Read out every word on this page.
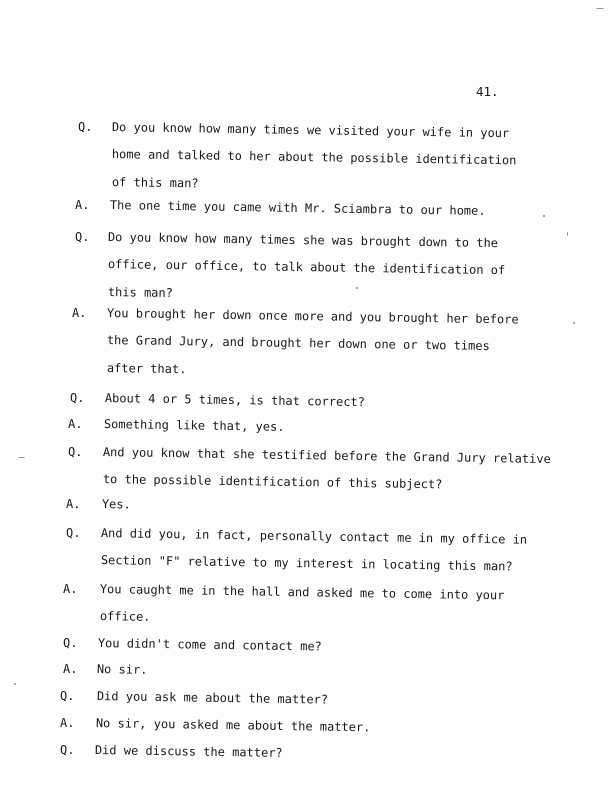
41.
Q. Do you know how many times we visited your wife in your
home and talked to her about the possible identification
of this man?
A. The one time you came with Mr. Sciambra to our home.
Q. Do you know how many times she was brought down to the
office, our office, to talk about the identification of
this man?
A. You brought her down once more and you brought her before
the Grand Jury, and brought her down one or two times
after that.
Q. About 4 or 5 times, is that correct?
A. Something like that, yes.
Q. And you know that she testified before the Grand Jury relative
to the possible identification of this subject?
A. Yes.
Q. And did you, in fact, personally contact me in my office in
Section "F" relative to my interest in locating this man?
A. You caught me in the hall and asked me to come into your
office.
Q. You didn't come and contact me?
A. No sir.
Q. Did you ask me about the matter?
A. No sir, you asked me about the matter.
Q. Did we discuss the matter?
